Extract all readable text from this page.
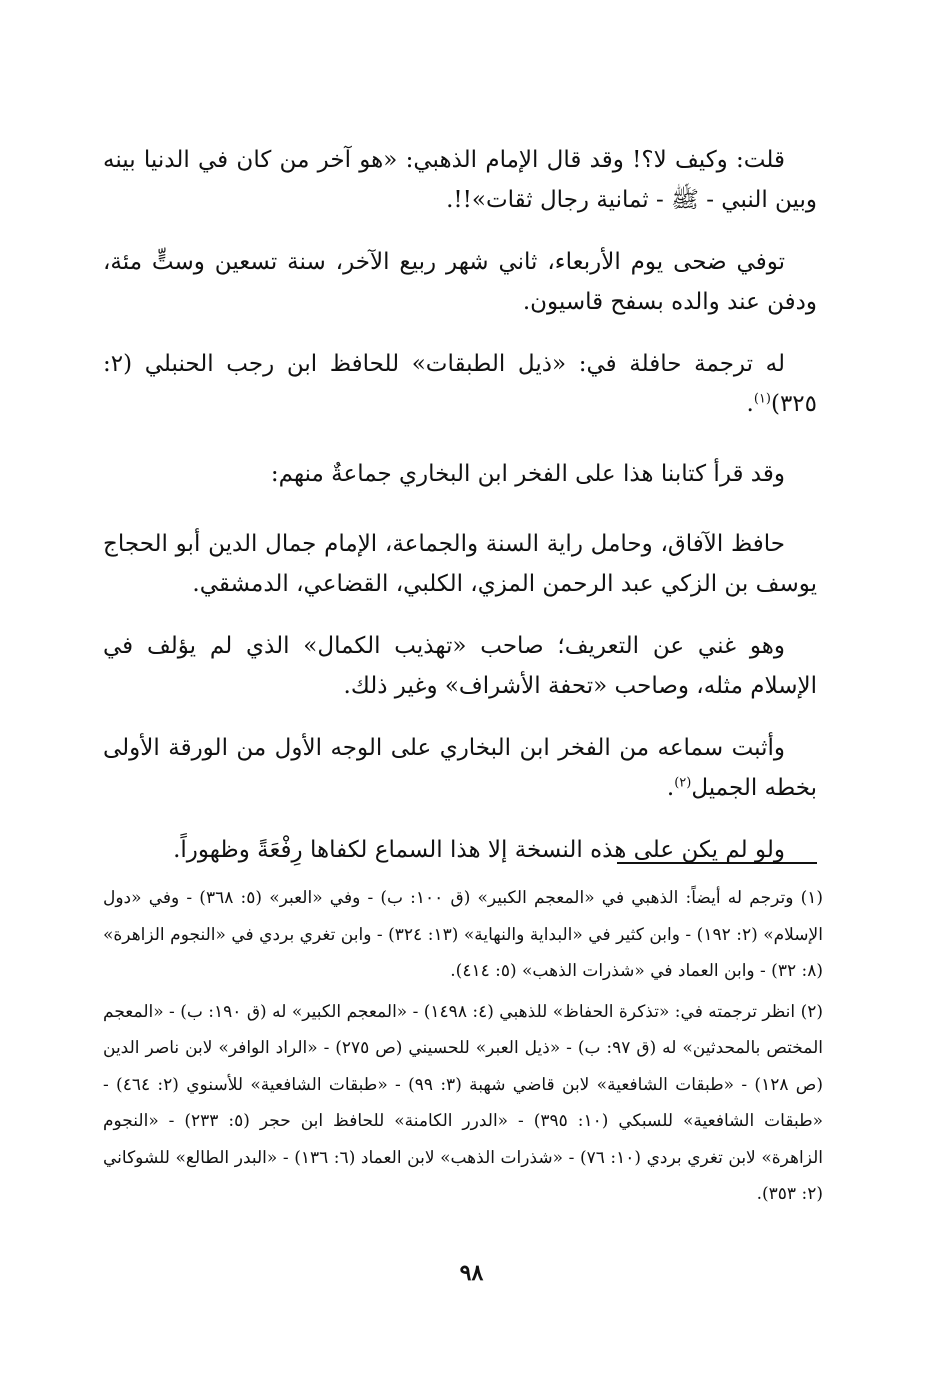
قلت: وكيف لا؟! وقد قال الإمام الذهبي: «هو آخر من كان في الدنيا بينه وبين النبي - ﷺ - ثمانية رجال ثقات»!!.

توفي ضحى يوم الأربعاء، ثاني شهر ربيع الآخر، سنة تسعين وستٍّ مئة، ودفن عند والده بسفح قاسيون.

له ترجمة حافلة في: «ذيل الطبقات» للحافظ ابن رجب الحنبلي (٢: ٣٢٥)$^{(١)}$.

وقد قرأ كتابنا هذا على الفخر ابن البخاري جماعةٌ منهم:

حافظ الآفاق، وحامل راية السنة والجماعة، الإمام جمال الدين أبو الحجاج يوسف بن الزكي عبد الرحمن المزي، الكلبي، القضاعي، الدمشقي.

وهو غني عن التعريف؛ صاحب «تهذيب الكمال» الذي لم يؤلف في الإسلام مثله، وصاحب «تحفة الأشراف» وغير ذلك.

وأثبت سماعه من الفخر ابن البخاري على الوجه الأول من الورقة الأولى بخطه الجميل$^{(٢)}$.

ولو لم يكن على هذه النسخة إلا هذا السماع لكفاها رِفْعَةً وظهوراً.

(١) وترجم له أيضاً: الذهبي في «المعجم الكبير» (ق ١٠٠: ب) - وفي «العبر» (٥: ٣٦٨) - وفي «دول الإسلام» (٢: ١٩٢) - وابن كثير في «البداية والنهاية» (١٣: ٣٢٤) - وابن تغري بردي في «النجوم الزاهرة» (٨: ٣٢) - وابن العماد في «شذرات الذهب» (٥: ٤١٤).

(٢) انظر ترجمته في: «تذكرة الحفاظ» للذهبي (٤: ١٤٩٨) - «المعجم الكبير» له (ق ١٩٠: ب) - «المعجم المختص بالمحدثين» له (ق ٩٧: ب) - «ذيل العبر» للحسيني (ص ٢٧٥) - «الراد الوافر» لابن ناصر الدين (ص ١٢٨) - «طبقات الشافعية» لابن قاضي شهبة (٣: ٩٩) - «طبقات الشافعية» للأسنوي (٢: ٤٦٤) - «طبقات الشافعية» للسبكي (١٠: ٣٩٥) - «الدرر الكامنة» للحافظ ابن حجر (٥: ٢٣٣) - «النجوم الزاهرة» لابن تغري بردي (١٠: ٧٦) - «شذرات الذهب» لابن العماد (٦: ١٣٦) - «البدر الطالع» للشوكاني (٢: ٣٥٣).

٩٨
